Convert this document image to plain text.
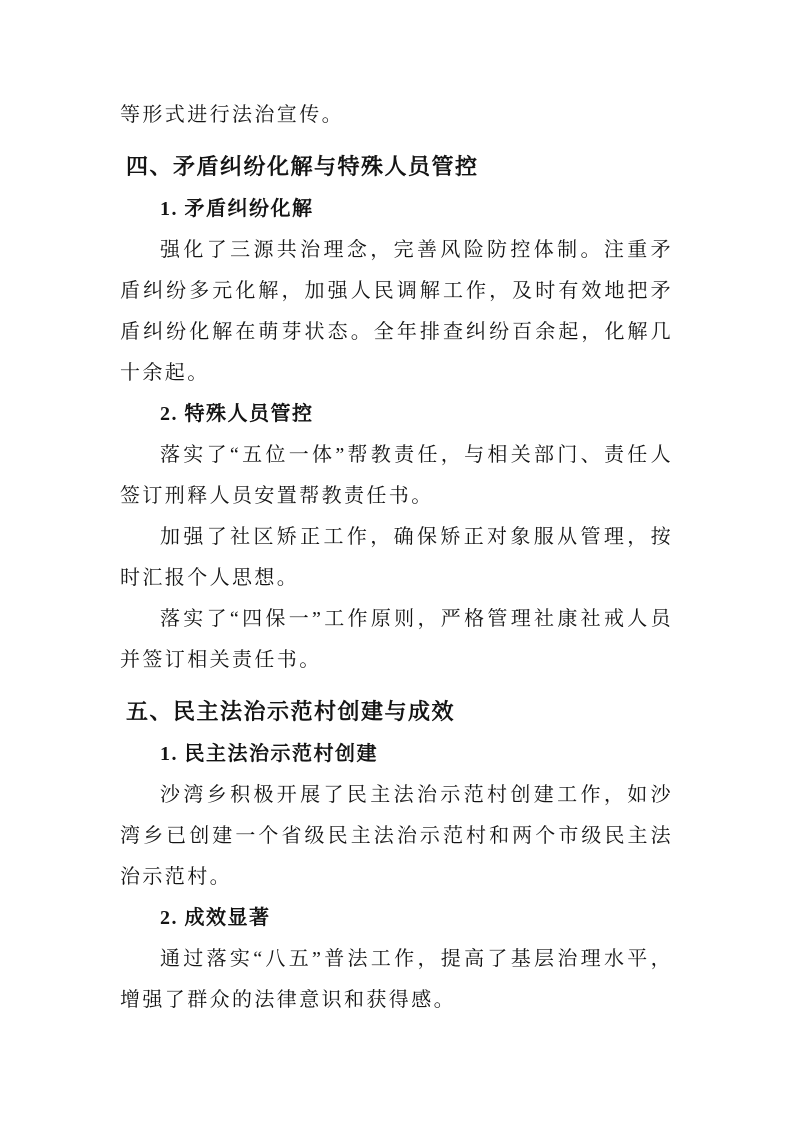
等形式进行法治宣传。

四、矛盾纠纷化解与特殊人员管控
1. 矛盾纠纷化解

强化了三源共治理念，完善风险防控体制。注重矛盾纠纷多元化解，加强人民调解工作，及时有效地把矛盾纠纷化解在萌芽状态。全年排查纠纷百余起，化解几十余起。

2. 特殊人员管控

落实了“五位一体”帮教责任，与相关部门、责任人签订刑释人员安置帮教责任书。

加强了社区矫正工作，确保矫正对象服从管理，按时汇报个人思想。

落实了“四保一”工作原则，严格管理社康社戒人员并签订相关责任书。

五、民主法治示范村创建与成效
1. 民主法治示范村创建

沙湾乡积极开展了民主法治示范村创建工作，如沙湾乡已创建一个省级民主法治示范村和两个市级民主法治示范村。

2. 成效显著

通过落实“八五”普法工作，提高了基层治理水平，增强了群众的法律意识和获得感。
